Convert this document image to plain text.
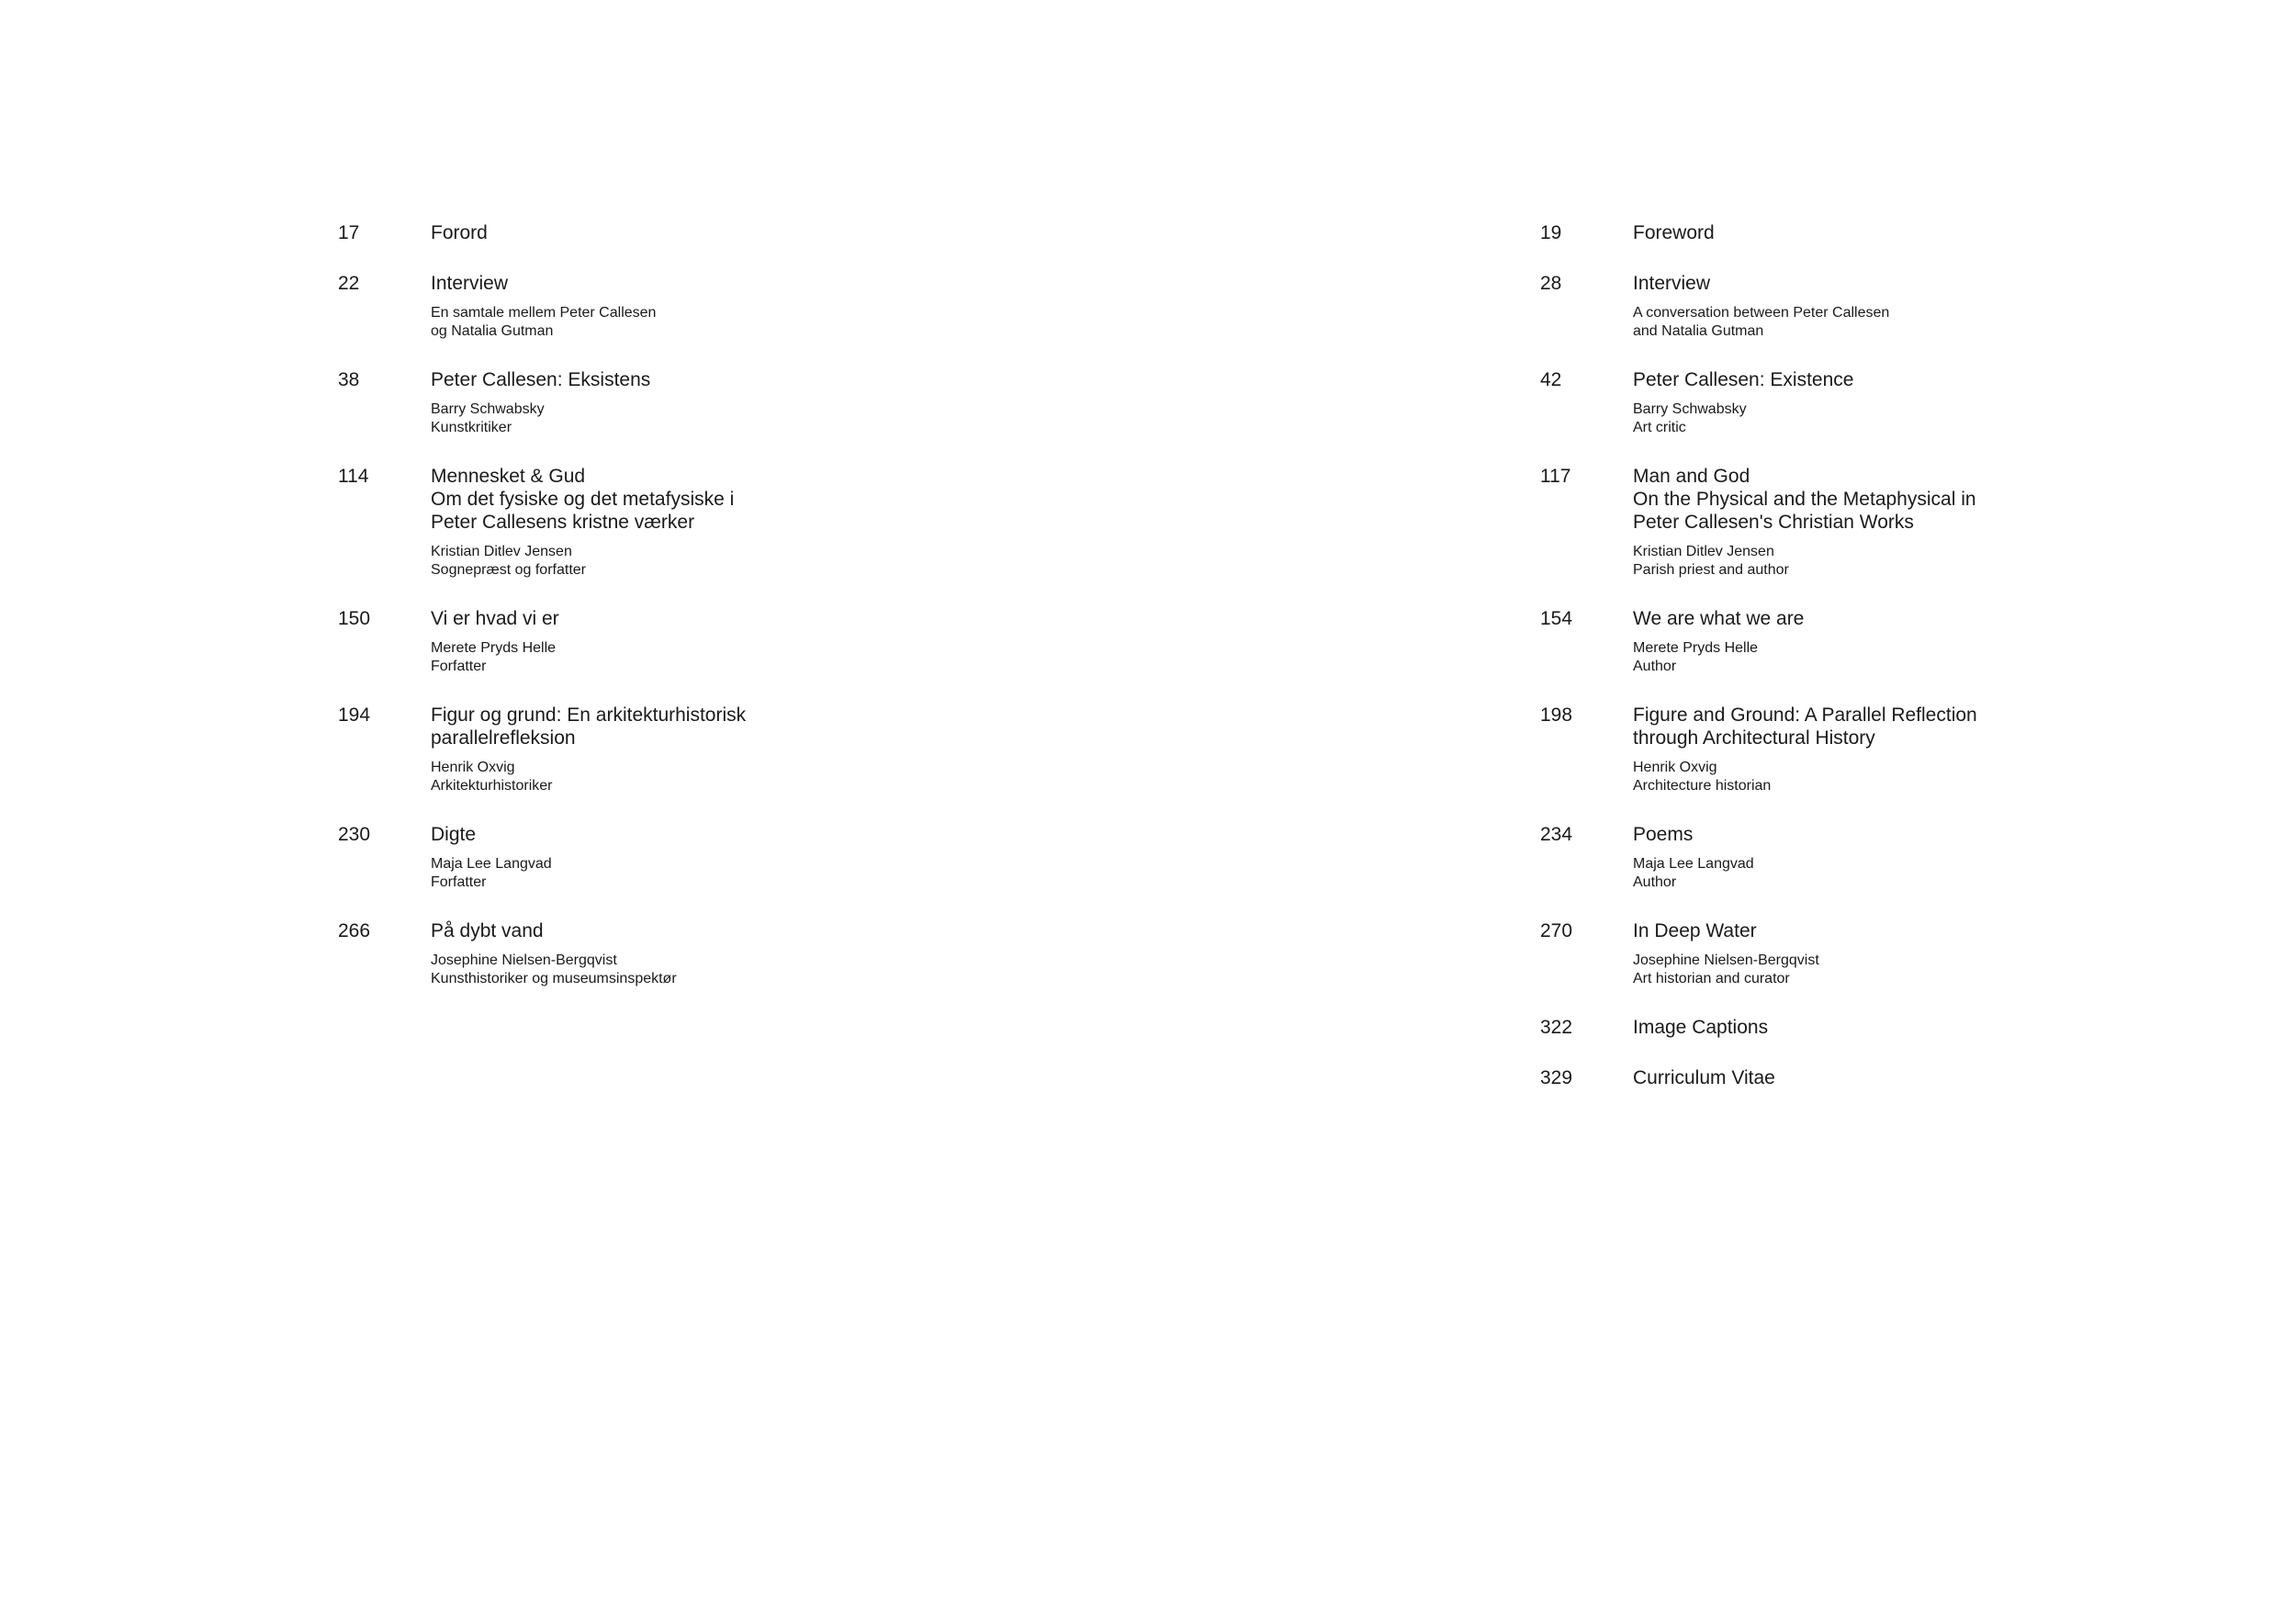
17	Forord
22	Interview
En samtale mellem Peter Callesen
og Natalia Gutman
38	Peter Callesen: Eksistens
Barry Schwabsky
Kunstkritiker
114	Mennesket & Gud
Om det fysiske og det metafysiske i
Peter Callesens kristne værker
Kristian Ditlev Jensen
Sognepræst og forfatter
150	Vi er hvad vi er
Merete Pryds Helle
Forfatter
194	Figur og grund: En arkitekturhistorisk
parallelrefleksion
Henrik Oxvig
Arkitekturhistoriker
230	Digte
Maja Lee Langvad
Forfatter
266	På dybt vand
Josephine Nielsen-Bergqvist
Kunsthistoriker og museumsinspektør
19	Foreword
28	Interview
A conversation between Peter Callesen
and Natalia Gutman
42	Peter Callesen: Existence
Barry Schwabsky
Art critic
117	Man and God
On the Physical and the Metaphysical in
Peter Callesen's Christian Works
Kristian Ditlev Jensen
Parish priest and author
154	We are what we are
Merete Pryds Helle
Author
198	Figure and Ground: A Parallel Reflection
through Architectural History
Henrik Oxvig
Architecture historian
234	Poems
Maja Lee Langvad
Author
270	In Deep Water
Josephine Nielsen-Bergqvist
Art historian and curator
322	Image Captions
329	Curriculum Vitae
